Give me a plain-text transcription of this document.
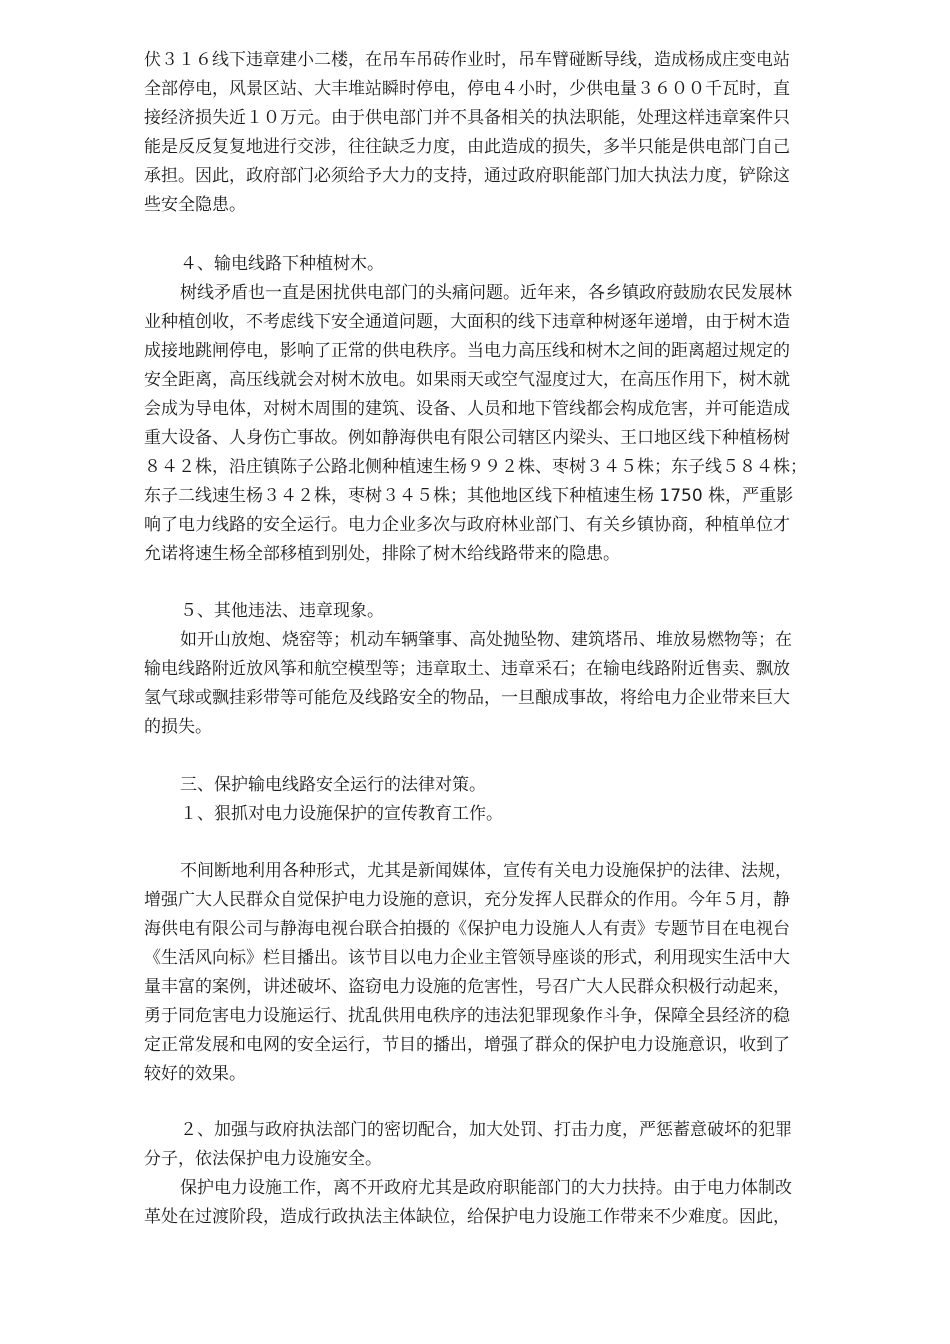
伏３１６线下违章建小二楼，在吊车吊砖作业时，吊车臂碰断导线，造成杨成庄变电站
全部停电，风景区站、大丰堆站瞬时停电，停电４小时，少供电量３６００千瓦时，直
接经济损失近１０万元。由于供电部门并不具备相关的执法职能，处理这样违章案件只
能是反反复复地进行交涉，往往缺乏力度，由此造成的损失，多半只能是供电部门自己
承担。因此，政府部门必须给予大力的支持，通过政府职能部门加大执法力度，铲除这
些安全隐患。
４、输电线路下种植树木。
树线矛盾也一直是困扰供电部门的头痛问题。近年来，各乡镇政府鼓励农民发展林
业种植创收，不考虑线下安全通道问题，大面积的线下违章种树逐年递增，由于树木造
成接地跳闸停电，影响了正常的供电秩序。当电力高压线和树木之间的距离超过规定的
安全距离，高压线就会对树木放电。如果雨天或空气湿度过大，在高压作用下，树木就
会成为导电体，对树木周围的建筑、设备、人员和地下管线都会构成危害，并可能造成
重大设备、人身伤亡事故。例如静海供电有限公司辖区内梁头、王口地区线下种植杨树
８４２株，沿庄镇陈子公路北侧种植速生杨９９２株、枣树３４５株；东子线５８４株；
东子二线速生杨３４２株，枣树３４５株；其他地区线下种植速生杨 1750 株，严重影
响了电力线路的安全运行。电力企业多次与政府林业部门、有关乡镇协商，种植单位才
允诺将速生杨全部移植到别处，排除了树木给线路带来的隐患。
５、其他违法、违章现象。
如开山放炮、烧窑等；机动车辆肇事、高处抛坠物、建筑塔吊、堆放易燃物等；在
输电线路附近放风筝和航空模型等；违章取土、违章采石；在输电线路附近售卖、飘放
氢气球或飘挂彩带等可能危及线路安全的物品，一旦酿成事故，将给电力企业带来巨大
的损失。
三、保护输电线路安全运行的法律对策。
１、狠抓对电力设施保护的宣传教育工作。
不间断地利用各种形式，尤其是新闻媒体，宣传有关电力设施保护的法律、法规，
增强广大人民群众自觉保护电力设施的意识，充分发挥人民群众的作用。今年５月，静
海供电有限公司与静海电视台联合拍摄的《保护电力设施人人有责》专题节目在电视台
《生活风向标》栏目播出。该节目以电力企业主管领导座谈的形式，利用现实生活中大
量丰富的案例，讲述破坏、盗窃电力设施的危害性，号召广大人民群众积极行动起来，
勇于同危害电力设施运行、扰乱供用电秩序的违法犯罪现象作斗争，保障全县经济的稳
定正常发展和电网的安全运行，节目的播出，增强了群众的保护电力设施意识，收到了
较好的效果。
２、加强与政府执法部门的密切配合，加大处罚、打击力度，严惩蓄意破坏的犯罪
分子，依法保护电力设施安全。
保护电力设施工作，离不开政府尤其是政府职能部门的大力扶持。由于电力体制改
革处在过渡阶段，造成行政执法主体缺位，给保护电力设施工作带来不少难度。因此，
